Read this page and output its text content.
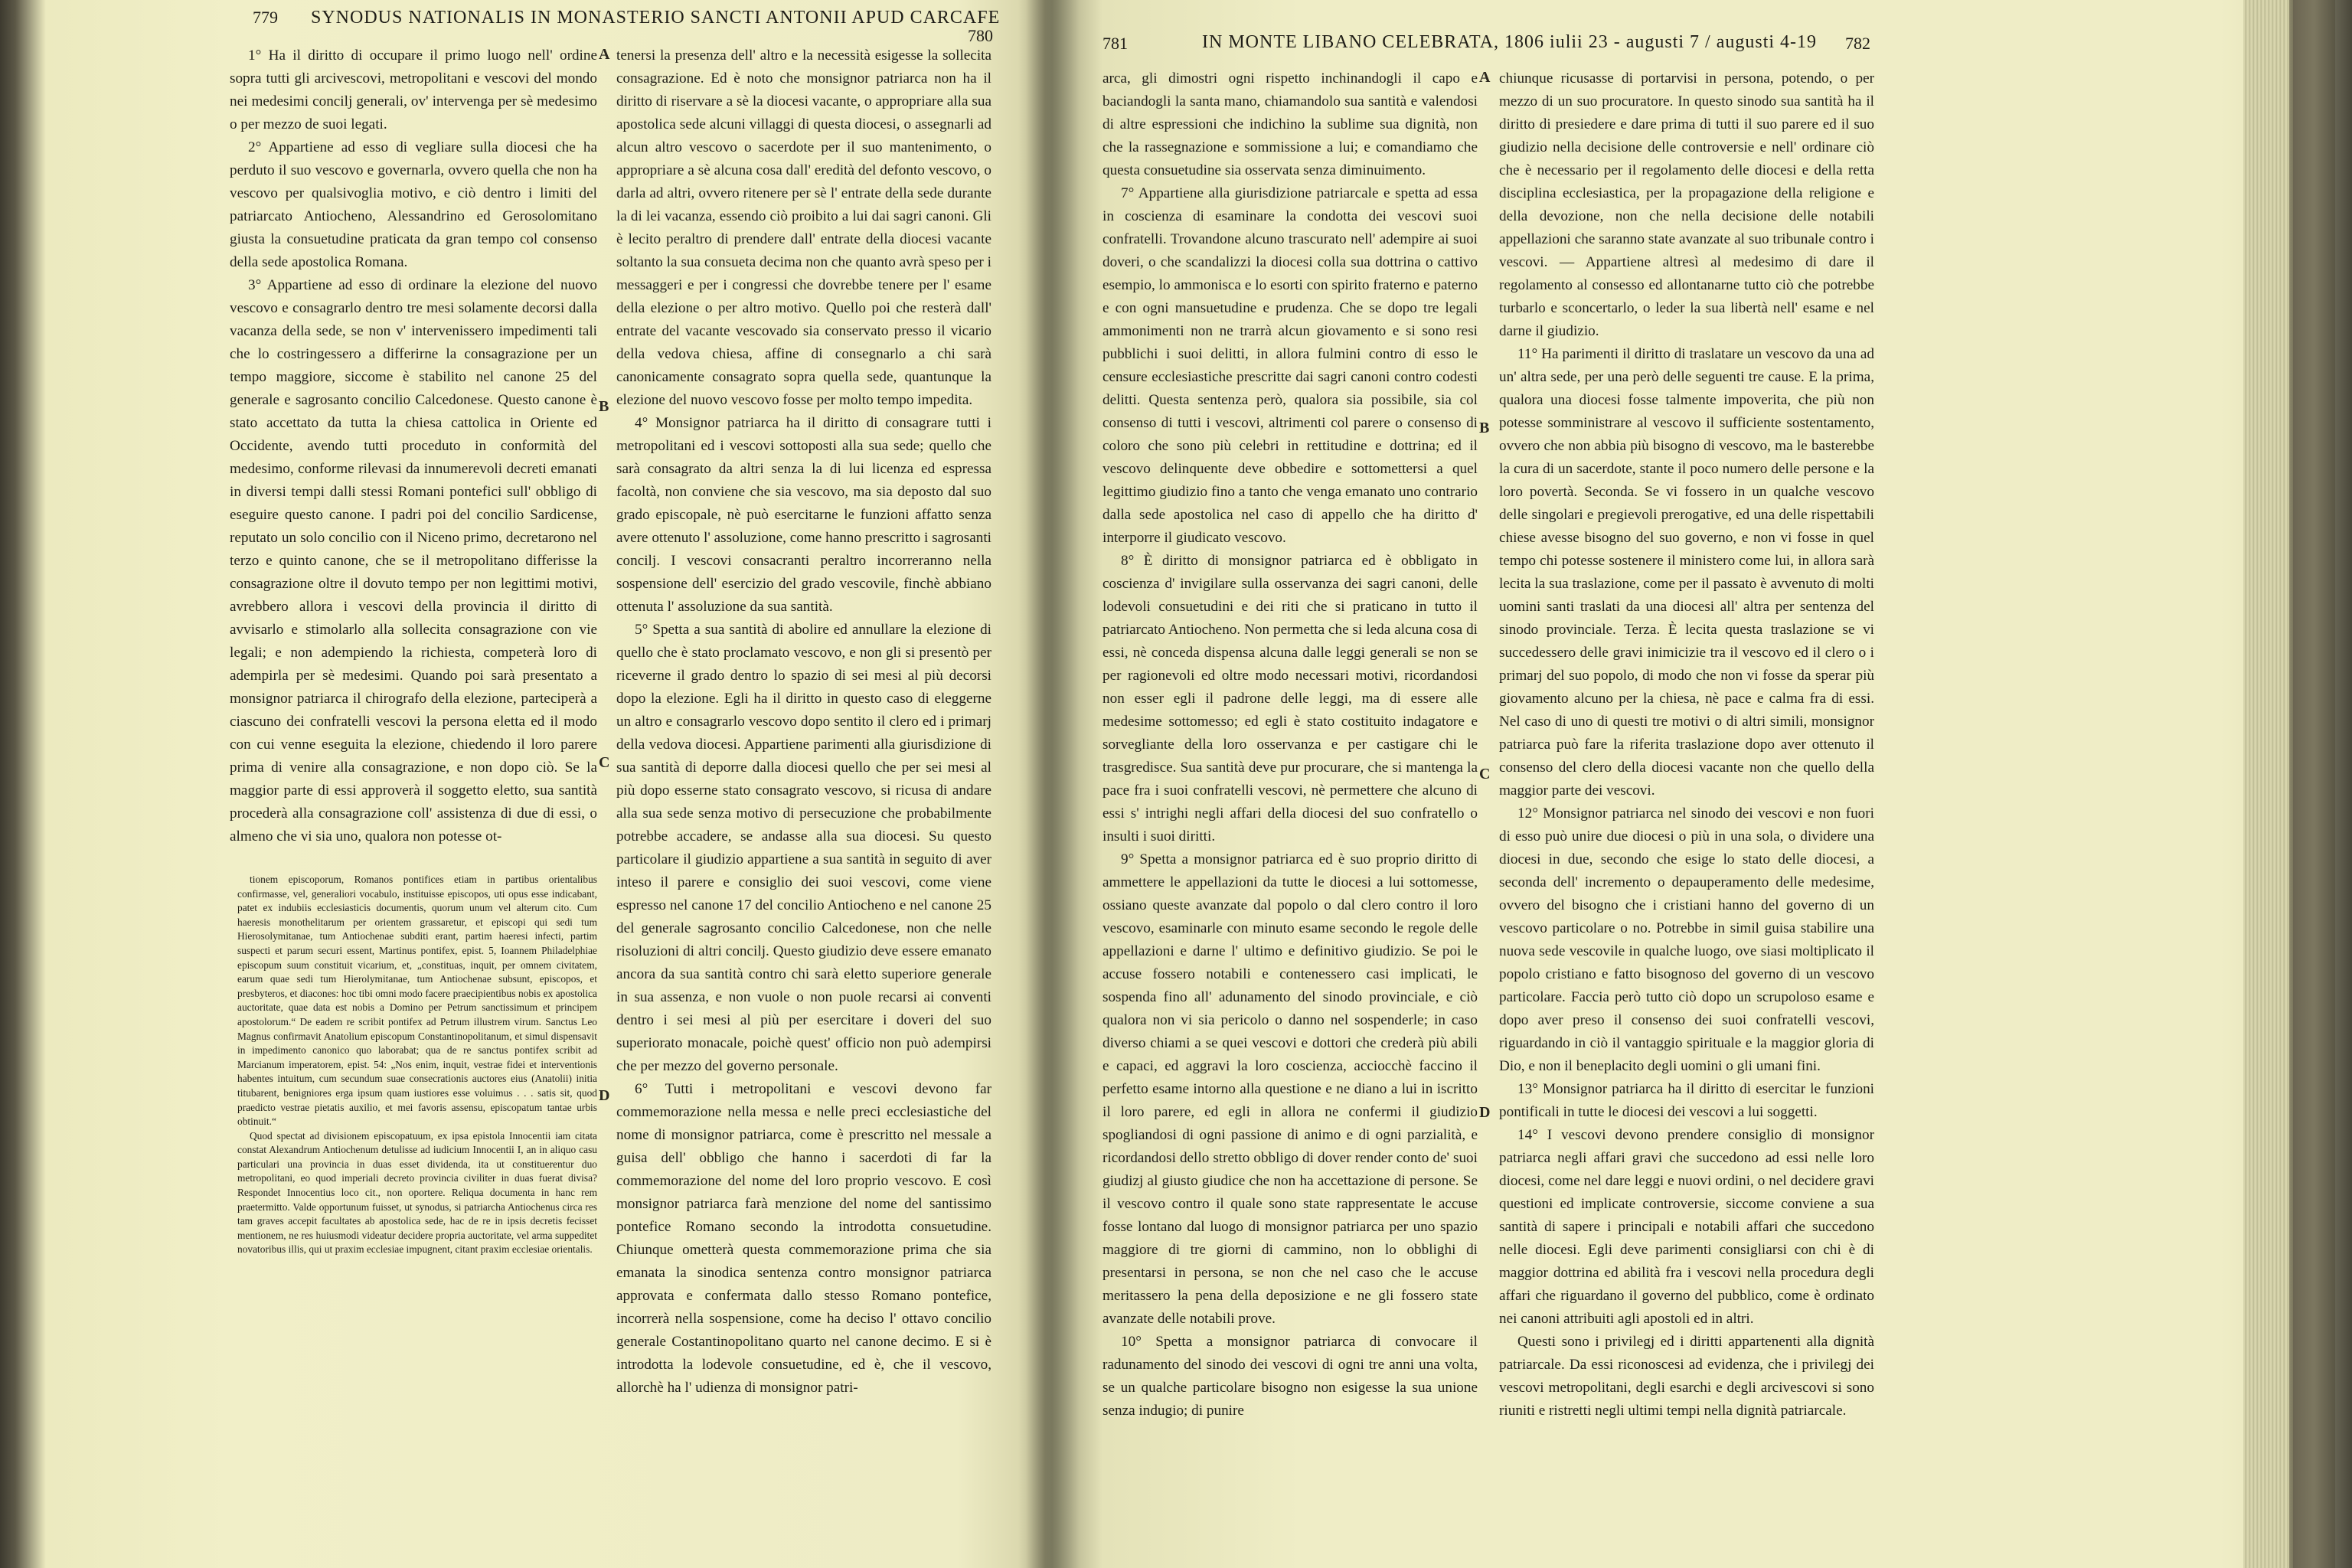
779 SYNODUS NATIONALIS IN MONASTERIO SANCTI ANTONII APUD CARCAFE
780

1° Ha il diritto di occupare il primo luogo nell' ordine sopra tutti gli arcivescovi, metropolitani e vescovi del mondo nei medesimi concilj generali, ov' intervenga per sè medesimo o per mezzo de suoi legati.

2° Appartiene ad esso di vegliare sulla diocesi che ha perduto il suo vescovo e governarla, ovvero quella che non ha vescovo per qualsivoglia motivo, e ciò dentro i limiti del patriarcato Antiocheno, Alessandrino ed Gerosolomitano giusta la consuetudine praticata da gran tempo col consenso della sede apostolica Romana.

3° Appartiene ad esso di ordinare la elezione del nuovo vescovo e consagrarlo dentro tre mesi solamente decorsi dalla vacanza della sede, se non v' intervenissero impedimenti tali che lo costringessero a differirne la consagrazione per un tempo maggiore, siccome è stabilito nel canone 25 del generale e sagrosanto concilio Calcedonese. Questo canone è stato accettato da tutta la chiesa cattolica in Oriente ed Occidente, avendo tutti proceduto in conformità del medesimo, conforme rilevasi da innumerevoli decreti emanati in diversi tempi dalli stessi Romani pontefici sull' obbligo di eseguire questo canone. I padri poi del concilio Sardicense, reputato un solo concilio con il Niceno primo, decretarono nel terzo e quinto canone, che se il metropolitano differisse la consagrazione oltre il dovuto tempo per non legittimi motivi, avrebbero allora i vescovi della provincia il diritto di avvisarlo e stimolarlo alla sollecita consagrazione con vie legali; e non adempiendo la richiesta, competerà loro di adempirla per sè medesimi. Quando poi sarà presentato a monsignor patriarca il chirografo della elezione, parteciperà a ciascuno dei confratelli vescovi la persona eletta ed il modo con cui venne eseguita la elezione, chiedendo il loro parere prima di venire alla consagrazione, e non dopo ciò. Se la maggior parte di essi approverà il soggetto eletto, sua santità procederà alla consagrazione coll' assistenza di due di essi, o almeno che vi sia uno, qualora non potesse ot-

tionem episcoporum, Romanos pontifices etiam in partibus orientalibus confirmasse, vel, generaliori vocabulo, instituisse episcopos, uti opus esse indicabant, patet ex indubiis ecclesiasticis documentis, quorum unum vel alterum cito. Cum haeresis monothelitarum per orientem grassaretur, et episcopi qui sedi tum Hierosolymitanae, tum Antiochenae subditi erant, partim haeresi infecti, partim suspecti et parum securi essent, Martinus pontifex, epist. 5, Ioannem Philadelphiae episcopum suum constituit vicarium, et, „constituas, inquit, per omnem civitatem, earum quae sedi tum Hierolymitanae, tum Antiochenae subsunt, episcopos, et presbyteros, et diacones: hoc tibi omni modo facere praecipientibus nobis ex apostolica auctoritate, quae data est nobis a Domino per Petrum sanctissimum et principem apostolorum.“ De eadem re scribit pontifex ad Petrum illustrem virum. Sanctus Leo Magnus confirmavit Anatolium episcopum Constantinopolitanum, et simul dispensavit in impedimento canonico quo laborabat; qua de re sanctus pontifex scribit ad Marcianum imperatorem, epist. 54: „Nos enim, inquit, vestrae fidei et interventionis habentes intuitum, cum secundum suae consecrationis auctores eius (Anatolii) initia titubarent, benigniores erga ipsum quam iustiores esse voluimus . . . satis sit, quod praedicto vestrae pietatis auxilio, et mei favoris assensu, episcopatum tantae urbis obtinuit.“

Quod spectat ad divisionem episcopatuum, ex ipsa epistola Innocentii iam citata constat Alexandrum Antiochenum detulisse ad iudicium Innocentii I, an in aliquo casu particulari una provincia in duas esset dividenda, ita ut constituerentur duo metropolitani, eo quod imperiali decreto provincia civiliter in duas fuerat divisa? Respondet Innocentius loco cit., non oportere. Reliqua documenta in hanc rem praetermitto. Valde opportunum fuisset, ut synodus, si patriarcha Antiochenus circa res tam graves accepit facultates ab apostolica sede, hac de re in ipsis decretis fecisset mentionem, ne res huiusmodi videatur decidere propria auctoritate, vel arma suppeditet novatoribus illis, qui ut praxim ecclesiae impugnent, citant praxim ecclesiae orientalis.

A
B
C
D

tenersi la presenza dell' altro e la necessità esigesse la sollecita consagrazione. Ed è noto che monsignor patriarca non ha il diritto di riservare a sè la diocesi vacante, o appropriare alla sua apostolica sede alcuni villaggi di questa diocesi, o assegnarli ad alcun altro vescovo o sacerdote per il suo mantenimento, o appropriare a sè alcuna cosa dall' eredità del defonto vescovo, o darla ad altri, ovvero ritenere per sè l' entrate della sede durante la di lei vacanza, essendo ciò proibito a lui dai sagri canoni. Gli è lecito peraltro di prendere dall' entrate della diocesi vacante soltanto la sua consueta decima non che quanto avrà speso per i messaggeri e per i congressi che dovrebbe tenere per l' esame della elezione o per altro motivo. Quello poi che resterà dall' entrate del vacante vescovado sia conservato presso il vicario della vedova chiesa, affine di consegnarlo a chi sarà canonicamente consagrato sopra quella sede, quantunque la elezione del nuovo vescovo fosse per molto tempo impedita.

4° Monsignor patriarca ha il diritto di consagrare tutti i metropolitani ed i vescovi sottoposti alla sua sede; quello che sarà consagrato da altri senza la di lui licenza ed espressa facoltà, non conviene che sia vescovo, ma sia deposto dal suo grado episcopale, nè può esercitarne le funzioni affatto senza avere ottenuto l' assoluzione, come hanno prescritto i sagrosanti concilj. I vescovi consacranti peraltro incorreranno nella sospensione dell' esercizio del grado vescovile, finchè abbiano ottenuta l' assoluzione da sua santità.

5° Spetta a sua santità di abolire ed annullare la elezione di quello che è stato proclamato vescovo, e non gli si presentò per riceverne il grado dentro lo spazio di sei mesi al più decorsi dopo la elezione. Egli ha il diritto in questo caso di eleggerne un altro e consagrarlo vescovo dopo sentito il clero ed i primarj della vedova diocesi. Appartiene parimenti alla giurisdizione di sua santità di deporre dalla diocesi quello che per sei mesi al più dopo esserne stato consagrato vescovo, si ricusa di andare alla sua sede senza motivo di persecuzione che probabilmente potrebbe accadere, se andasse alla sua diocesi. Su questo particolare il giudizio appartiene a sua santità in seguito di aver inteso il parere e consiglio dei suoi vescovi, come viene espresso nel canone 17 del concilio Antiocheno e nel canone 25 del generale sagrosanto concilio Calcedonese, non che nelle risoluzioni di altri concilj. Questo giudizio deve essere emanato ancora da sua santità contro chi sarà eletto superiore generale in sua assenza, e non vuole o non puole recarsi ai conventi dentro i sei mesi al più per esercitare i doveri del suo superiorato monacale, poichè quest' officio non può adempirsi che per mezzo del governo personale.

6° Tutti i metropolitani e vescovi devono far commemorazione nella messa e nelle preci ecclesiastiche del nome di monsignor patriarca, come è prescritto nel messale a guisa dell' obbligo che hanno i sacerdoti di far la commemorazione del nome del loro proprio vescovo. E così monsignor patriarca farà menzione del nome del santissimo pontefice Romano secondo la introdotta consuetudine. Chiunque ometterà questa commemorazione prima che sia emanata la sinodica sentenza contro monsignor patriarca approvata e confermata dallo stesso Romano pontefice, incorrerà nella sospensione, come ha deciso l' ottavo concilio generale Costantinopolitano quarto nel canone decimo. E si è introdotta la lodevole consuetudine, ed è, che il vescovo, allorchè ha l' udienza di monsignor patri-

781	IN MONTE LIBANO CELEBRATA, 1806 iulii 23 - augusti 7 / augusti 4-19 782

arca, gli dimostri ogni rispetto inchinandogli il capo e baciandogli la santa mano, chiamandolo sua santità e valendosi di altre espressioni che indichino la sublime sua dignità, non che la rassegnazione e sommissione a lui; e comandiamo che questa consuetudine sia osservata senza diminuimento.

7° Appartiene alla giurisdizione patriarcale e spetta ad essa in coscienza di esaminare la condotta dei vescovi suoi confratelli. Trovandone alcuno trascurato nell' adempire ai suoi doveri, o che scandalizzi la diocesi colla sua dottrina o cattivo esempio, lo ammonisca e lo esorti con spirito fraterno e paterno e con ogni mansuetudine e prudenza. Che se dopo tre legali ammonimenti non ne trarrà alcun giovamento e si sono resi pubblichi i suoi delitti, in allora fulmini contro di esso le censure ecclesiastiche prescritte dai sagri canoni contro codesti delitti. Questa sentenza però, qualora sia possibile, sia col consenso di tutti i vescovi, altrimenti col parere o consenso di coloro che sono più celebri in rettitudine e dottrina; ed il vescovo delinquente deve obbedire e sottomettersi a quel legittimo giudizio fino a tanto che venga emanato uno contrario dalla sede apostolica nel caso di appello che ha diritto d' interporre il giudicato vescovo.

8° È diritto di monsignor patriarca ed è obbligato in coscienza d' invigilare sulla osservanza dei sagri canoni, delle lodevoli consuetudini e dei riti che si praticano in tutto il patriarcato Antiocheno. Non permetta che si leda alcuna cosa di essi, nè conceda dispensa alcuna dalle leggi generali se non se per ragionevoli ed oltre modo necessari motivi, ricordandosi non esser egli il padrone delle leggi, ma di essere alle medesime sottomesso; ed egli è stato costituito indagatore e sorvegliante della loro osservanza e per castigare chi le trasgredisce. Sua santità deve pur procurare, che si mantenga la pace fra i suoi confratelli vescovi, nè permettere che alcuno di essi s' intrighi negli affari della diocesi del suo confratello o insulti i suoi diritti.

9° Spetta a monsignor patriarca ed è suo proprio diritto di ammettere le appellazioni da tutte le diocesi a lui sottomesse, ossiano queste avanzate dal popolo o dal clero contro il loro vescovo, esaminarle con minuto esame secondo le regole delle appellazioni e darne l' ultimo e definitivo giudizio. Se poi le accuse fossero notabili e contenessero casi implicati, le sospenda fino all' adunamento del sinodo provinciale, e ciò qualora non vi sia pericolo o danno nel sospenderle; in caso diverso chiami a se quei vescovi e dottori che crederà più abili e capaci, ed aggravi la loro coscienza, acciocchè faccino il perfetto esame intorno alla questione e ne diano a lui in iscritto il loro parere, ed egli in allora ne confermi il giudizio spogliandosi di ogni passione di animo e di ogni parzialità, e ricordandosi dello stretto obbligo di dover render conto de' suoi giudizj al giusto giudice che non ha accettazione di persone. Se il vescovo contro il quale sono state rappresentate le accuse fosse lontano dal luogo di monsignor patriarca per uno spazio maggiore di tre giorni di cammino, non lo obblighi di presentarsi in persona, se non che nel caso che le accuse meritassero la pena della deposizione e ne gli fossero state avanzate delle notabili prove.

10° Spetta a monsignor patriarca di convocare il radunamento del sinodo dei vescovi di ogni tre anni una volta, se un qualche particolare bisogno non esigesse la sua unione senza indugio; di punire

A
B
C
D

chiunque ricusasse di portarvisi in persona, potendo, o per mezzo di un suo procuratore. In questo sinodo sua santità ha il diritto di presiedere e dare prima di tutti il suo parere ed il suo giudizio nella decisione delle controversie e nell' ordinare ciò che è necessario per il regolamento delle diocesi e della retta disciplina ecclesiastica, per la propagazione della religione e della devozione, non che nella decisione delle notabili appellazioni che saranno state avanzate al suo tribunale contro i vescovi. — Appartiene altresì al medesimo di dare il regolamento al consesso ed allontanarne tutto ciò che potrebbe turbarlo e sconcertarlo, o leder la sua libertà nell' esame e nel darne il giudizio.

11° Ha parimenti il diritto di traslatare un vescovo da una ad un' altra sede, per una però delle seguenti tre cause. E la prima, qualora una diocesi fosse talmente impoverita, che più non potesse somministrare al vescovo il sufficiente sostentamento, ovvero che non abbia più bisogno di vescovo, ma le basterebbe la cura di un sacerdote, stante il poco numero delle persone e la loro povertà. Seconda. Se vi fossero in un qualche vescovo delle singolari e pregievoli prerogative, ed una delle rispettabili chiese avesse bisogno del suo governo, e non vi fosse in quel tempo chi potesse sostenere il ministero come lui, in allora sarà lecita la sua traslazione, come per il passato è avvenuto di molti uomini santi traslati da una diocesi all' altra per sentenza del sinodo provinciale. Terza. È lecita questa traslazione se vi succedessero delle gravi inimicizie tra il vescovo ed il clero o i primarj del suo popolo, di modo che non vi fosse da sperar più giovamento alcuno per la chiesa, nè pace e calma fra di essi. Nel caso di uno di questi tre motivi o di altri simili, monsignor patriarca può fare la riferita traslazione dopo aver ottenuto il consenso del clero della diocesi vacante non che quello della maggior parte dei vescovi.

12° Monsignor patriarca nel sinodo dei vescovi e non fuori di esso può unire due diocesi o più in una sola, o dividere una diocesi in due, secondo che esige lo stato delle diocesi, a seconda dell' incremento o depauperamento delle medesime, ovvero del bisogno che i cristiani hanno del governo di un vescovo particolare o no. Potrebbe in simil guisa stabilire una nuova sede vescovile in qualche luogo, ove siasi moltiplicato il popolo cristiano e fatto bisognoso del governo di un vescovo particolare. Faccia però tutto ciò dopo un scrupoloso esame e dopo aver preso il consenso dei suoi confratelli vescovi, riguardando in ciò il vantaggio spirituale e la maggior gloria di Dio, e non il beneplacito degli uomini o gli umani fini.

13° Monsignor patriarca ha il diritto di esercitar le funzioni pontificali in tutte le diocesi dei vescovi a lui soggetti.

14° I vescovi devono prendere consiglio di monsignor patriarca negli affari gravi che succedono ad essi nelle loro diocesi, come nel dare leggi e nuovi ordini, o nel decidere gravi questioni ed implicate controversie, siccome conviene a sua santità di sapere i principali e notabili affari che succedono nelle diocesi. Egli deve parimenti consigliarsi con chi è di maggior dottrina ed abilità fra i vescovi nella procedura degli affari che riguardano il governo del pubblico, come è ordinato nei canoni attribuiti agli apostoli ed in altri.

Questi sono i privilegj ed i diritti appartenenti alla dignità patriarcale. Da essi riconoscesi ad evidenza, che i privilegj dei vescovi metropolitani, degli esarchi e degli arcivescovi si sono riuniti e ristretti negli ultimi tempi nella dignità patriarcale.
